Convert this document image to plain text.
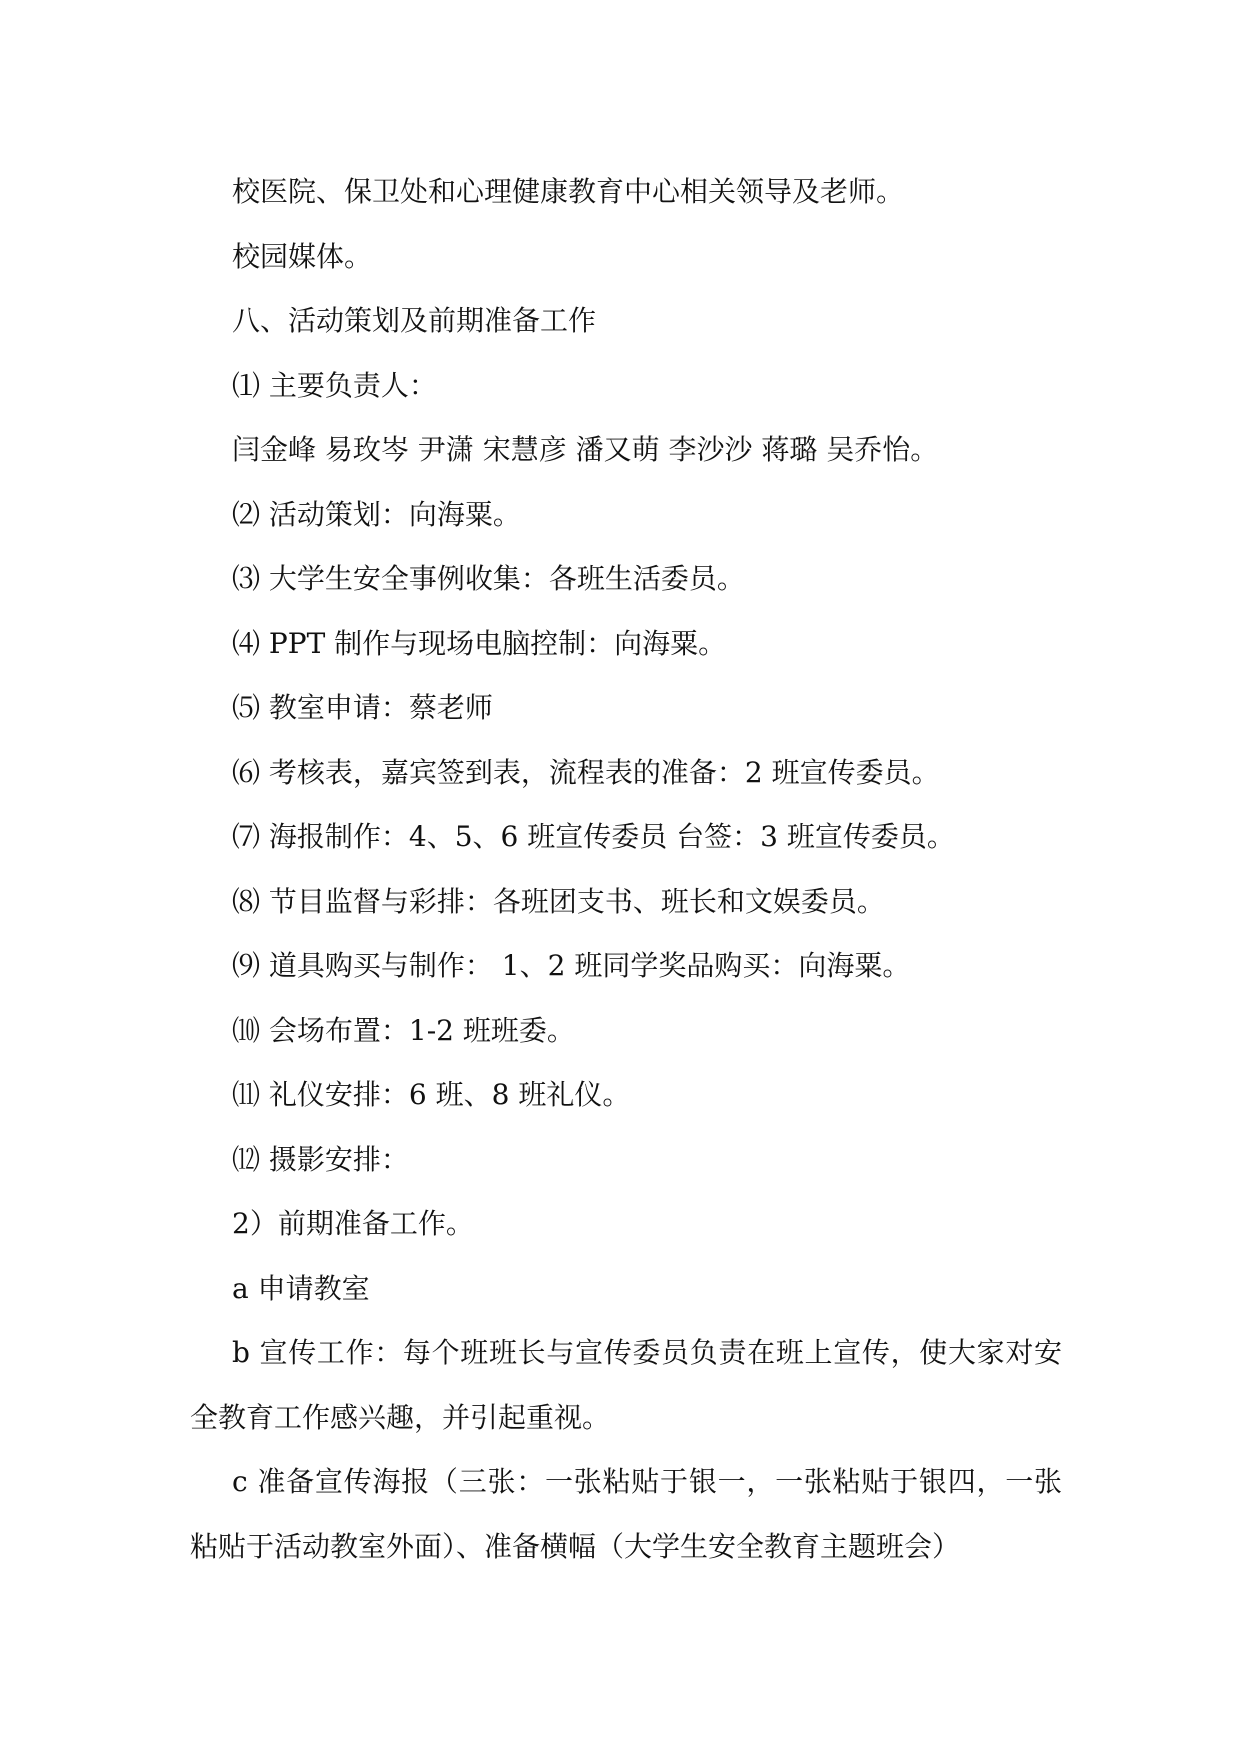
校医院、保卫处和心理健康教育中心相关领导及老师。

校园媒体。

八、活动策划及前期准备工作

⑴ 主要负责人：

闫金峰 易玫岑 尹潇 宋慧彦 潘又萌 李沙沙 蒋璐 吴乔怡。

⑵ 活动策划：向海粟。

⑶ 大学生安全事例收集：各班生活委员。

⑷ PPT 制作与现场电脑控制：向海粟。

⑸ 教室申请：蔡老师

⑹ 考核表，嘉宾签到表，流程表的准备：2 班宣传委员。

⑺ 海报制作：4、5、6 班宣传委员 台签：3 班宣传委员。

⑻ 节目监督与彩排：各班团支书、班长和文娱委员。

⑼ 道具购买与制作： 1、2 班同学奖品购买：向海粟。

⑽ 会场布置：1-2 班班委。

⑾ 礼仪安排：6 班、8 班礼仪。

⑿ 摄影安排：

2）前期准备工作。

a 申请教室

b 宣传工作：每个班班长与宣传委员负责在班上宣传，使大家对安全教育工作感兴趣，并引起重视。

c 准备宣传海报（三张：一张粘贴于银一，一张粘贴于银四，一张粘贴于活动教室外面）、准备横幅（大学生安全教育主题班会）
